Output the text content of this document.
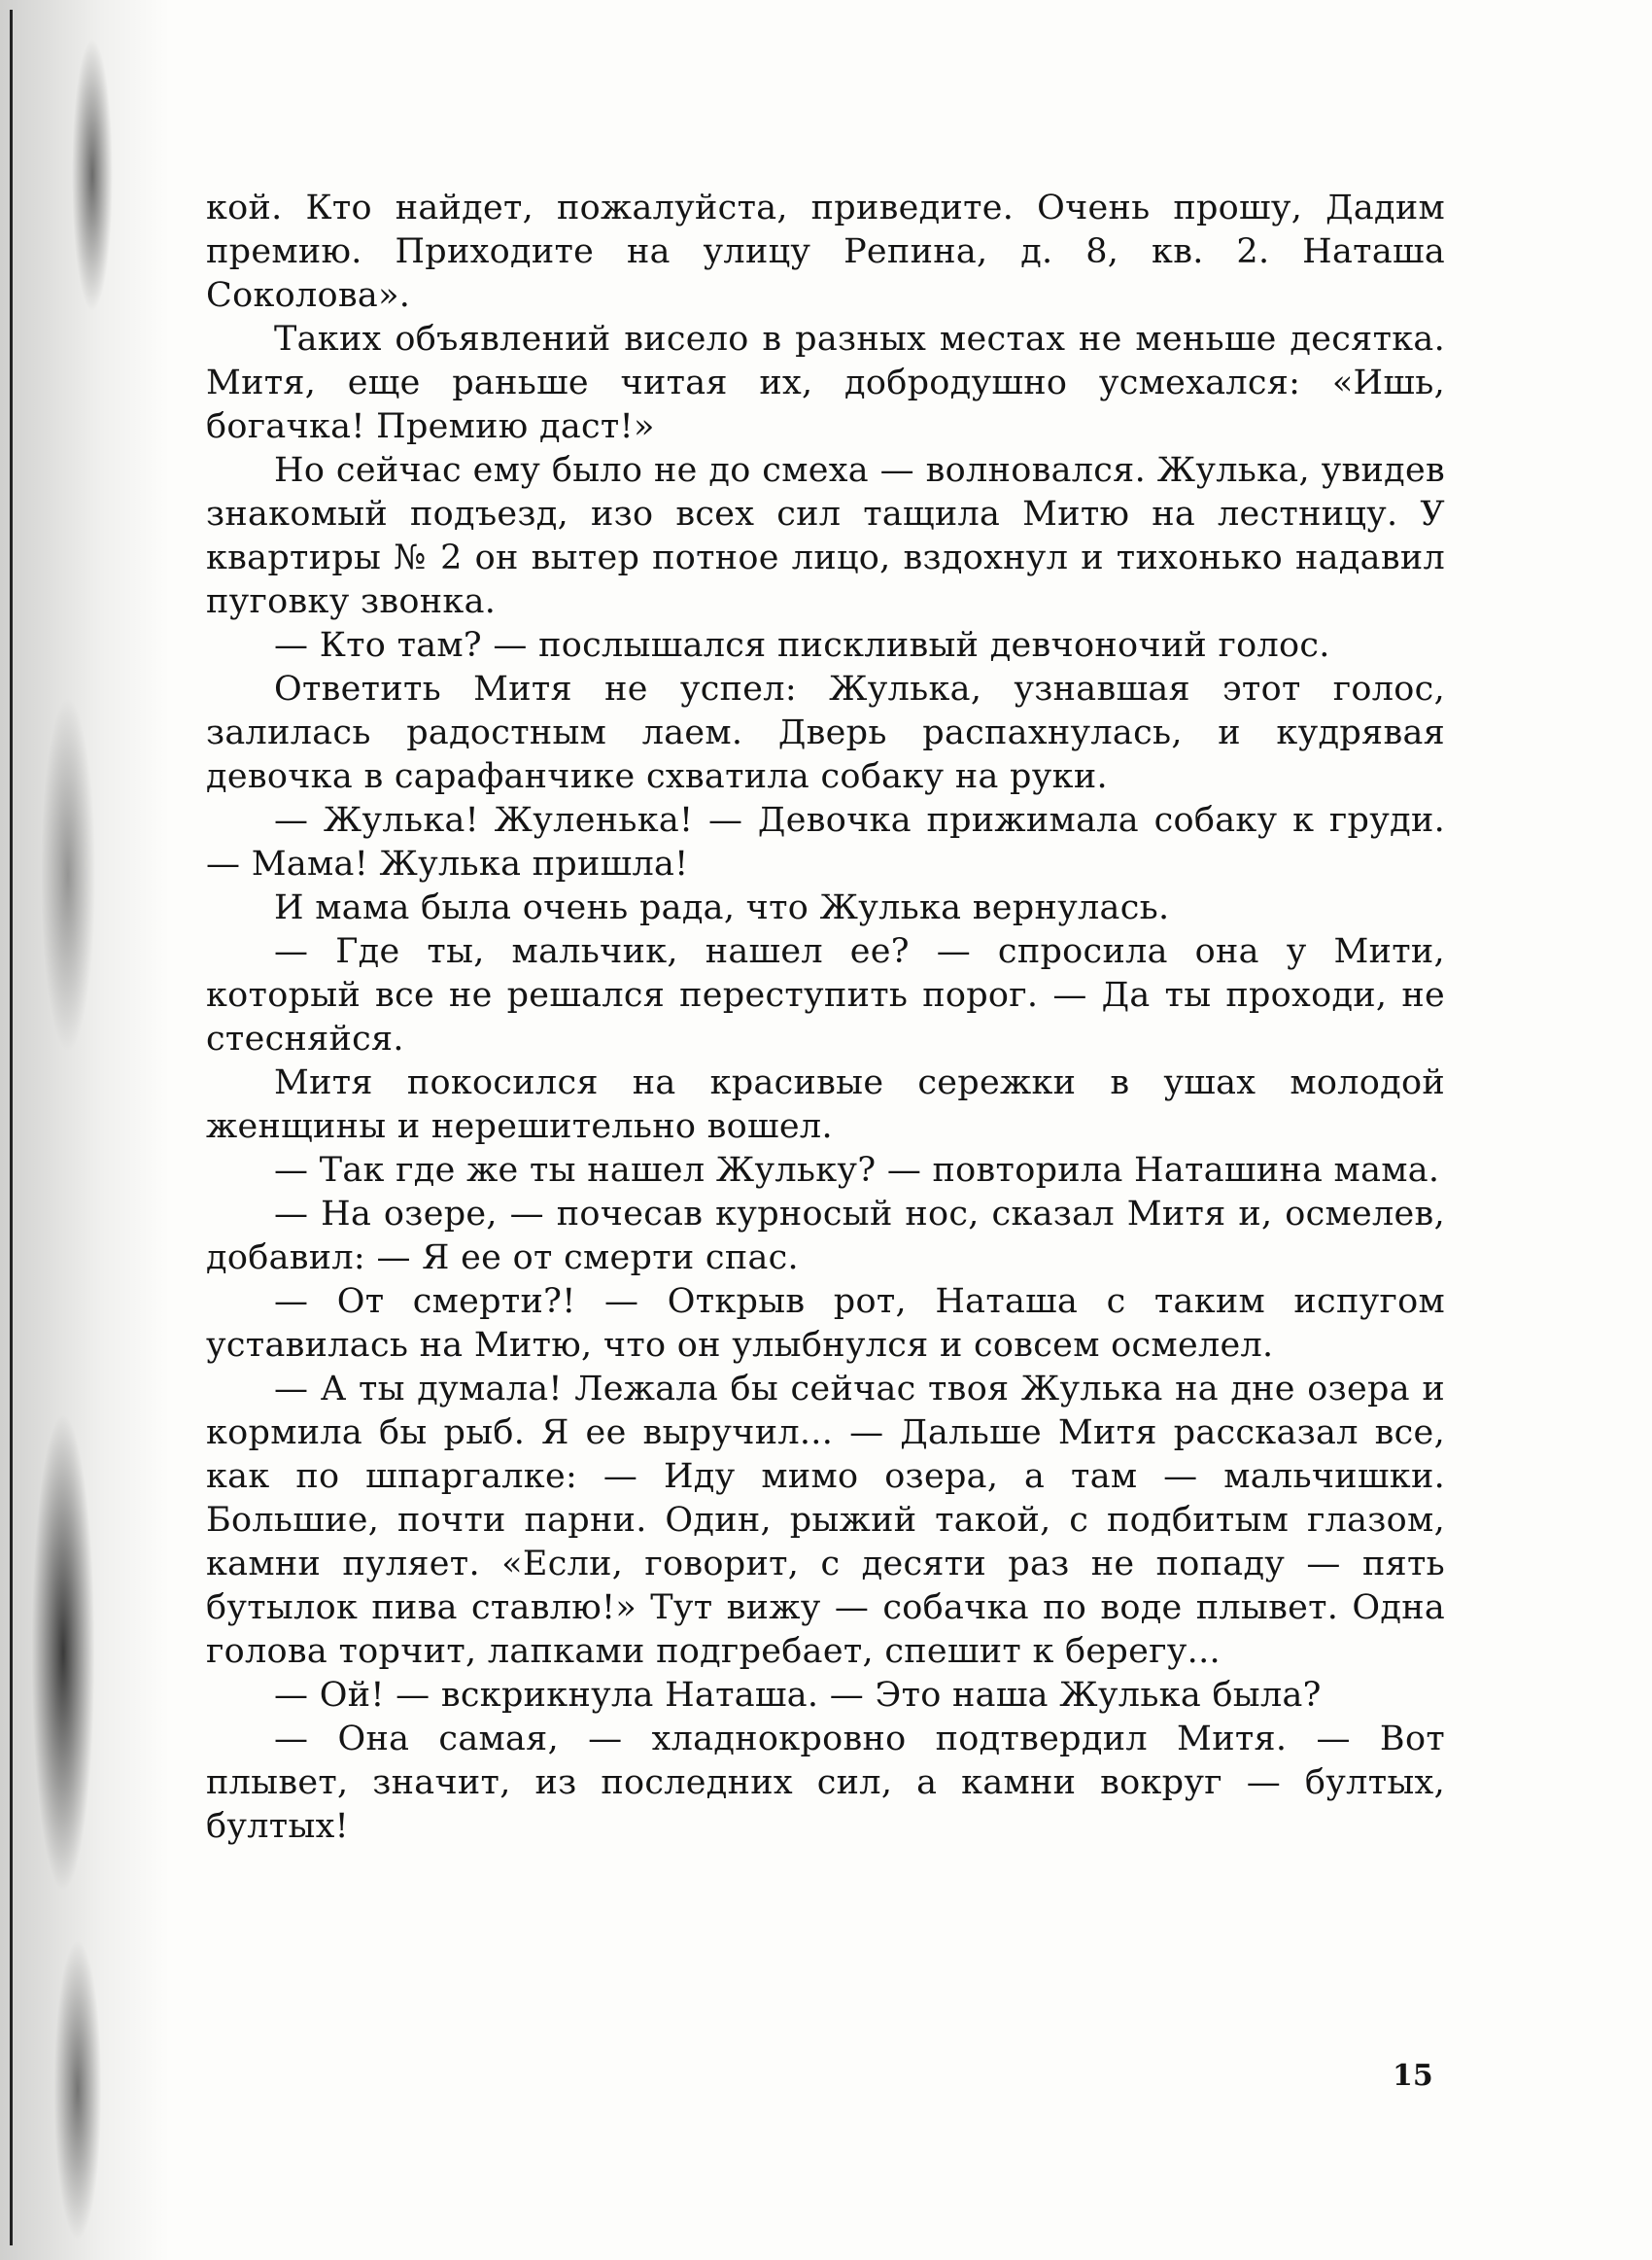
кой. Кто найдет, пожалуйста, приведите. Очень прошу, Дадим премию. Приходите на улицу Репина, д. 8, кв. 2. Наташа Соколова».

Таких объявлений висело в разных местах не меньше десятка. Митя, еще раньше читая их, добродушно усмехался: «Ишь, богачка! Премию даст!»

Но сейчас ему было не до смеха — волновался. Жулька, увидев знакомый подъезд, изо всех сил тащила Митю на лестницу. У квартиры № 2 он вытер потное лицо, вздохнул и тихонько надавил пуговку звонка.

— Кто там? — послышался пискливый девчоночий голос.

Ответить Митя не успел: Жулька, узнавшая этот голос, залилась радостным лаем. Дверь распахнулась, и кудрявая девочка в сарафанчике схватила собаку на руки.

— Жулька! Жуленька! — Девочка прижимала собаку к груди. — Мама! Жулька пришла!

И мама была очень рада, что Жулька вернулась.

— Где ты, мальчик, нашел ее? — спросила она у Мити, который все не решался переступить порог. — Да ты проходи, не стесняйся.

Митя покосился на красивые сережки в ушах молодой женщины и нерешительно вошел.

— Так где же ты нашел Жульку? — повторила Наташина мама.

— На озере, — почесав курносый нос, сказал Митя и, осмелев, добавил: — Я ее от смерти спас.

— От смерти?! — Открыв рот, Наташа с таким испугом уставилась на Митю, что он улыбнулся и совсем осмелел.

— А ты думала! Лежала бы сейчас твоя Жулька на дне озера и кормила бы рыб. Я ее выручил... — Дальше Митя рассказал все, как по шпаргалке: — Иду мимо озера, а там — мальчишки. Большие, почти парни. Один, рыжий такой, с подбитым глазом, камни пуляет. «Если, говорит, с десяти раз не попаду — пять бутылок пива ставлю!» Тут вижу — собачка по воде плывет. Одна голова торчит, лапками подгребает, спешит к берегу...

— Ой! — вскрикнула Наташа. — Это наша Жулька была?

— Она самая, — хладнокровно подтвердил Митя. — Вот плывет, значит, из последних сил, а камни вокруг — бултых, бултых!

15
